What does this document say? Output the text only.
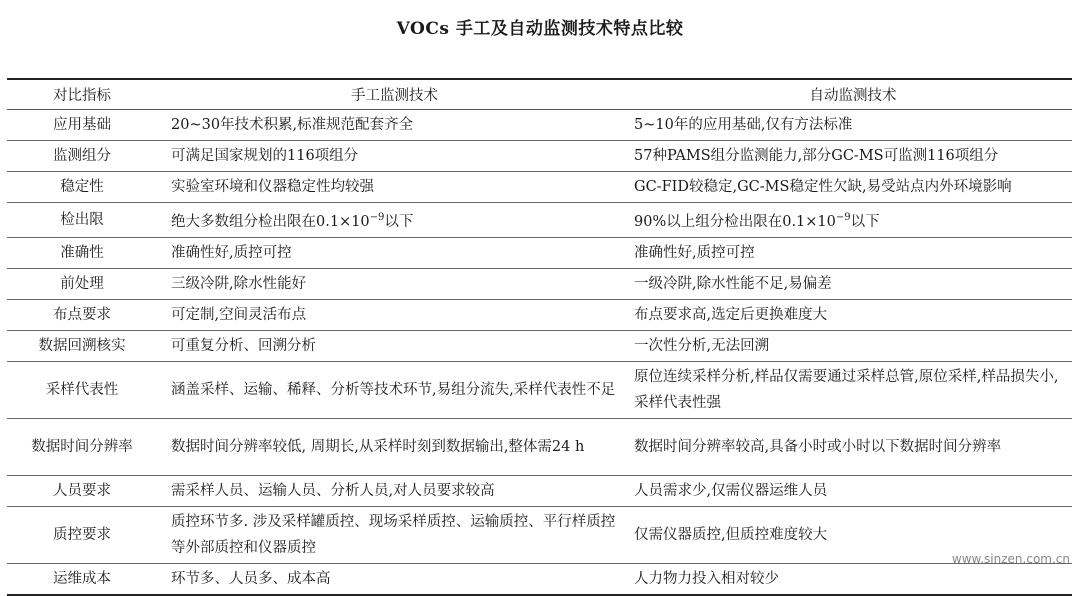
VOCs 手工及自动监测技术特点比较
对比指标	手工监测技术	自动监测技术
应用基础	20~30年技术积累,标准规范配套齐全	5~10年的应用基础,仅有方法标准
监测组分	可满足国家规划的116项组分	57种PAMS组分监测能力,部分GC-MS可监测116项组分
稳定性	实验室环境和仪器稳定性均较强	GC-FID较稳定,GC-MS稳定性欠缺,易受站点内外环境影响
检出限	绝大多数组分检出限在$0.1\times 10^{-9}$以下	90%以上组分检出限在$0.1\times 10^{-9}$以下
准确性	准确性好,质控可控	准确性好,质控可控
前处理	三级冷阱,除水性能好	一级冷阱,除水性能不足,易偏差
布点要求	可定制,空间灵活布点	布点要求高,选定后更换难度大
数据回溯核实	可重复分析、回溯分析	一次性分析,无法回溯
采样代表性	涵盖采样、运输、稀释、分析等技术环节,易组分流失,采样代表性不足	原位连续采样分析,样品仅需要通过采样总管,原位采样,样品损失小,采样代表性强
数据时间分辨率	数据时间分辨率较低, 周期长,从采样时刻到数据输出,整体需24 h	数据时间分辨率较高,具备小时或小时以下数据时间分辨率
人员要求	需采样人员、运输人员、分析人员,对人员要求较高	人员需求少,仅需仪器运维人员
质控要求	质控环节多. 涉及采样罐质控、现场采样质控、运输质控、平行样质控等外部质控和仪器质控	仅需仪器质控,但质控难度较大
运维成本	环节多、人员多、成本高	人力物力投入相对较少
www.sinzen.com.cn
